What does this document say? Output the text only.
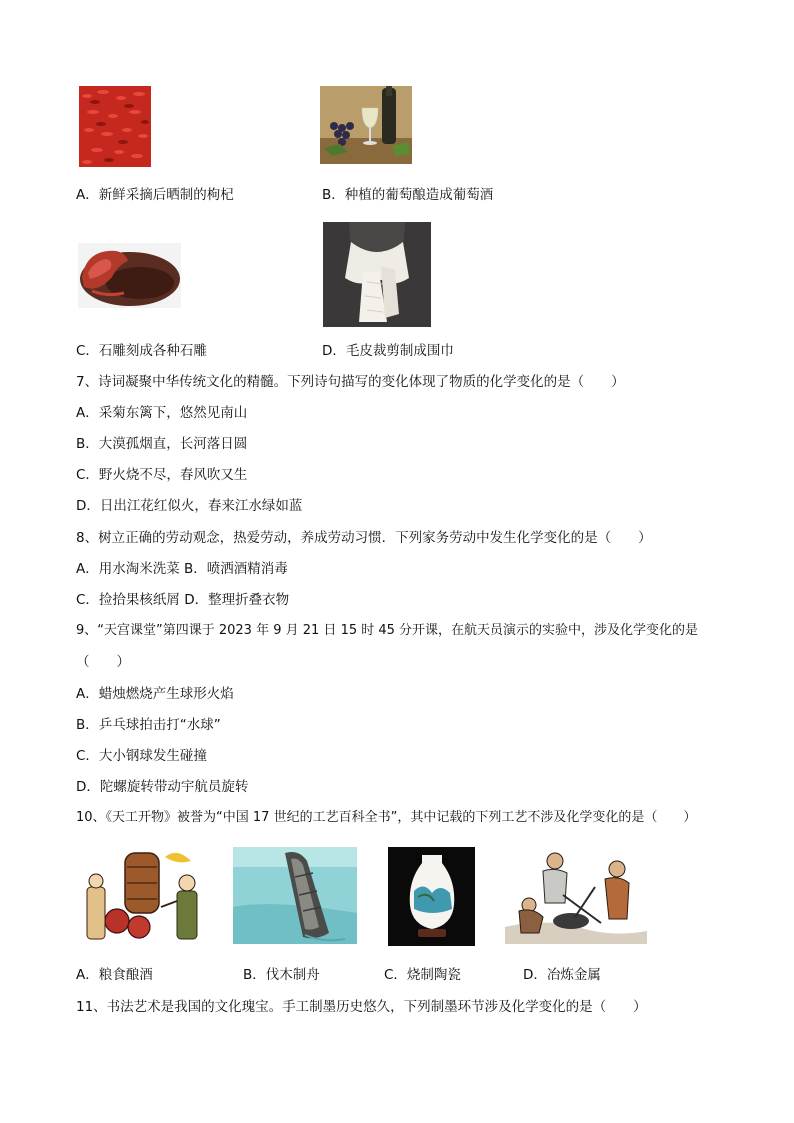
A．新鲜采摘后晒制的枸杞	B．种植的葡萄酿造成葡萄酒
C．石雕刻成各种石雕	D．毛皮裁剪制成围巾
7、诗词凝聚中华传统文化的精髓。下列诗句描写的变化体现了物质的化学变化的是（　　）
A．采菊东篱下，悠然见南山
B．大漠孤烟直，长河落日圆
C．野火烧不尽，春风吹又生
D．日出江花红似火，春来江水绿如蓝
8、树立正确的劳动观念，热爱劳动，养成劳动习惯．下列家务劳动中发生化学变化的是（　　）
A．用水淘米洗菜 B．喷洒酒精消毒
C．捡拾果核纸屑 D．整理折叠衣物
9、“天宫课堂”第四课于 2023 年 9 月 21 日 15 时 45 分开课，在航天员演示的实验中，涉及化学变化的是
（　　）
A．蜡烛燃烧产生球形火焰
B．乒乓球拍击打“水球”
C．大小钢球发生碰撞
D．陀螺旋转带动宇航员旋转
10、《天工开物》被誉为“中国 17 世纪的工艺百科全书”，其中记载的下列工艺不涉及化学变化的是（　　）
A．粮食酿酒	B．伐木制舟	C．烧制陶瓷	D．冶炼金属
11、书法艺术是我国的文化瑰宝。手工制墨历史悠久，下列制墨环节涉及化学变化的是（　　）
